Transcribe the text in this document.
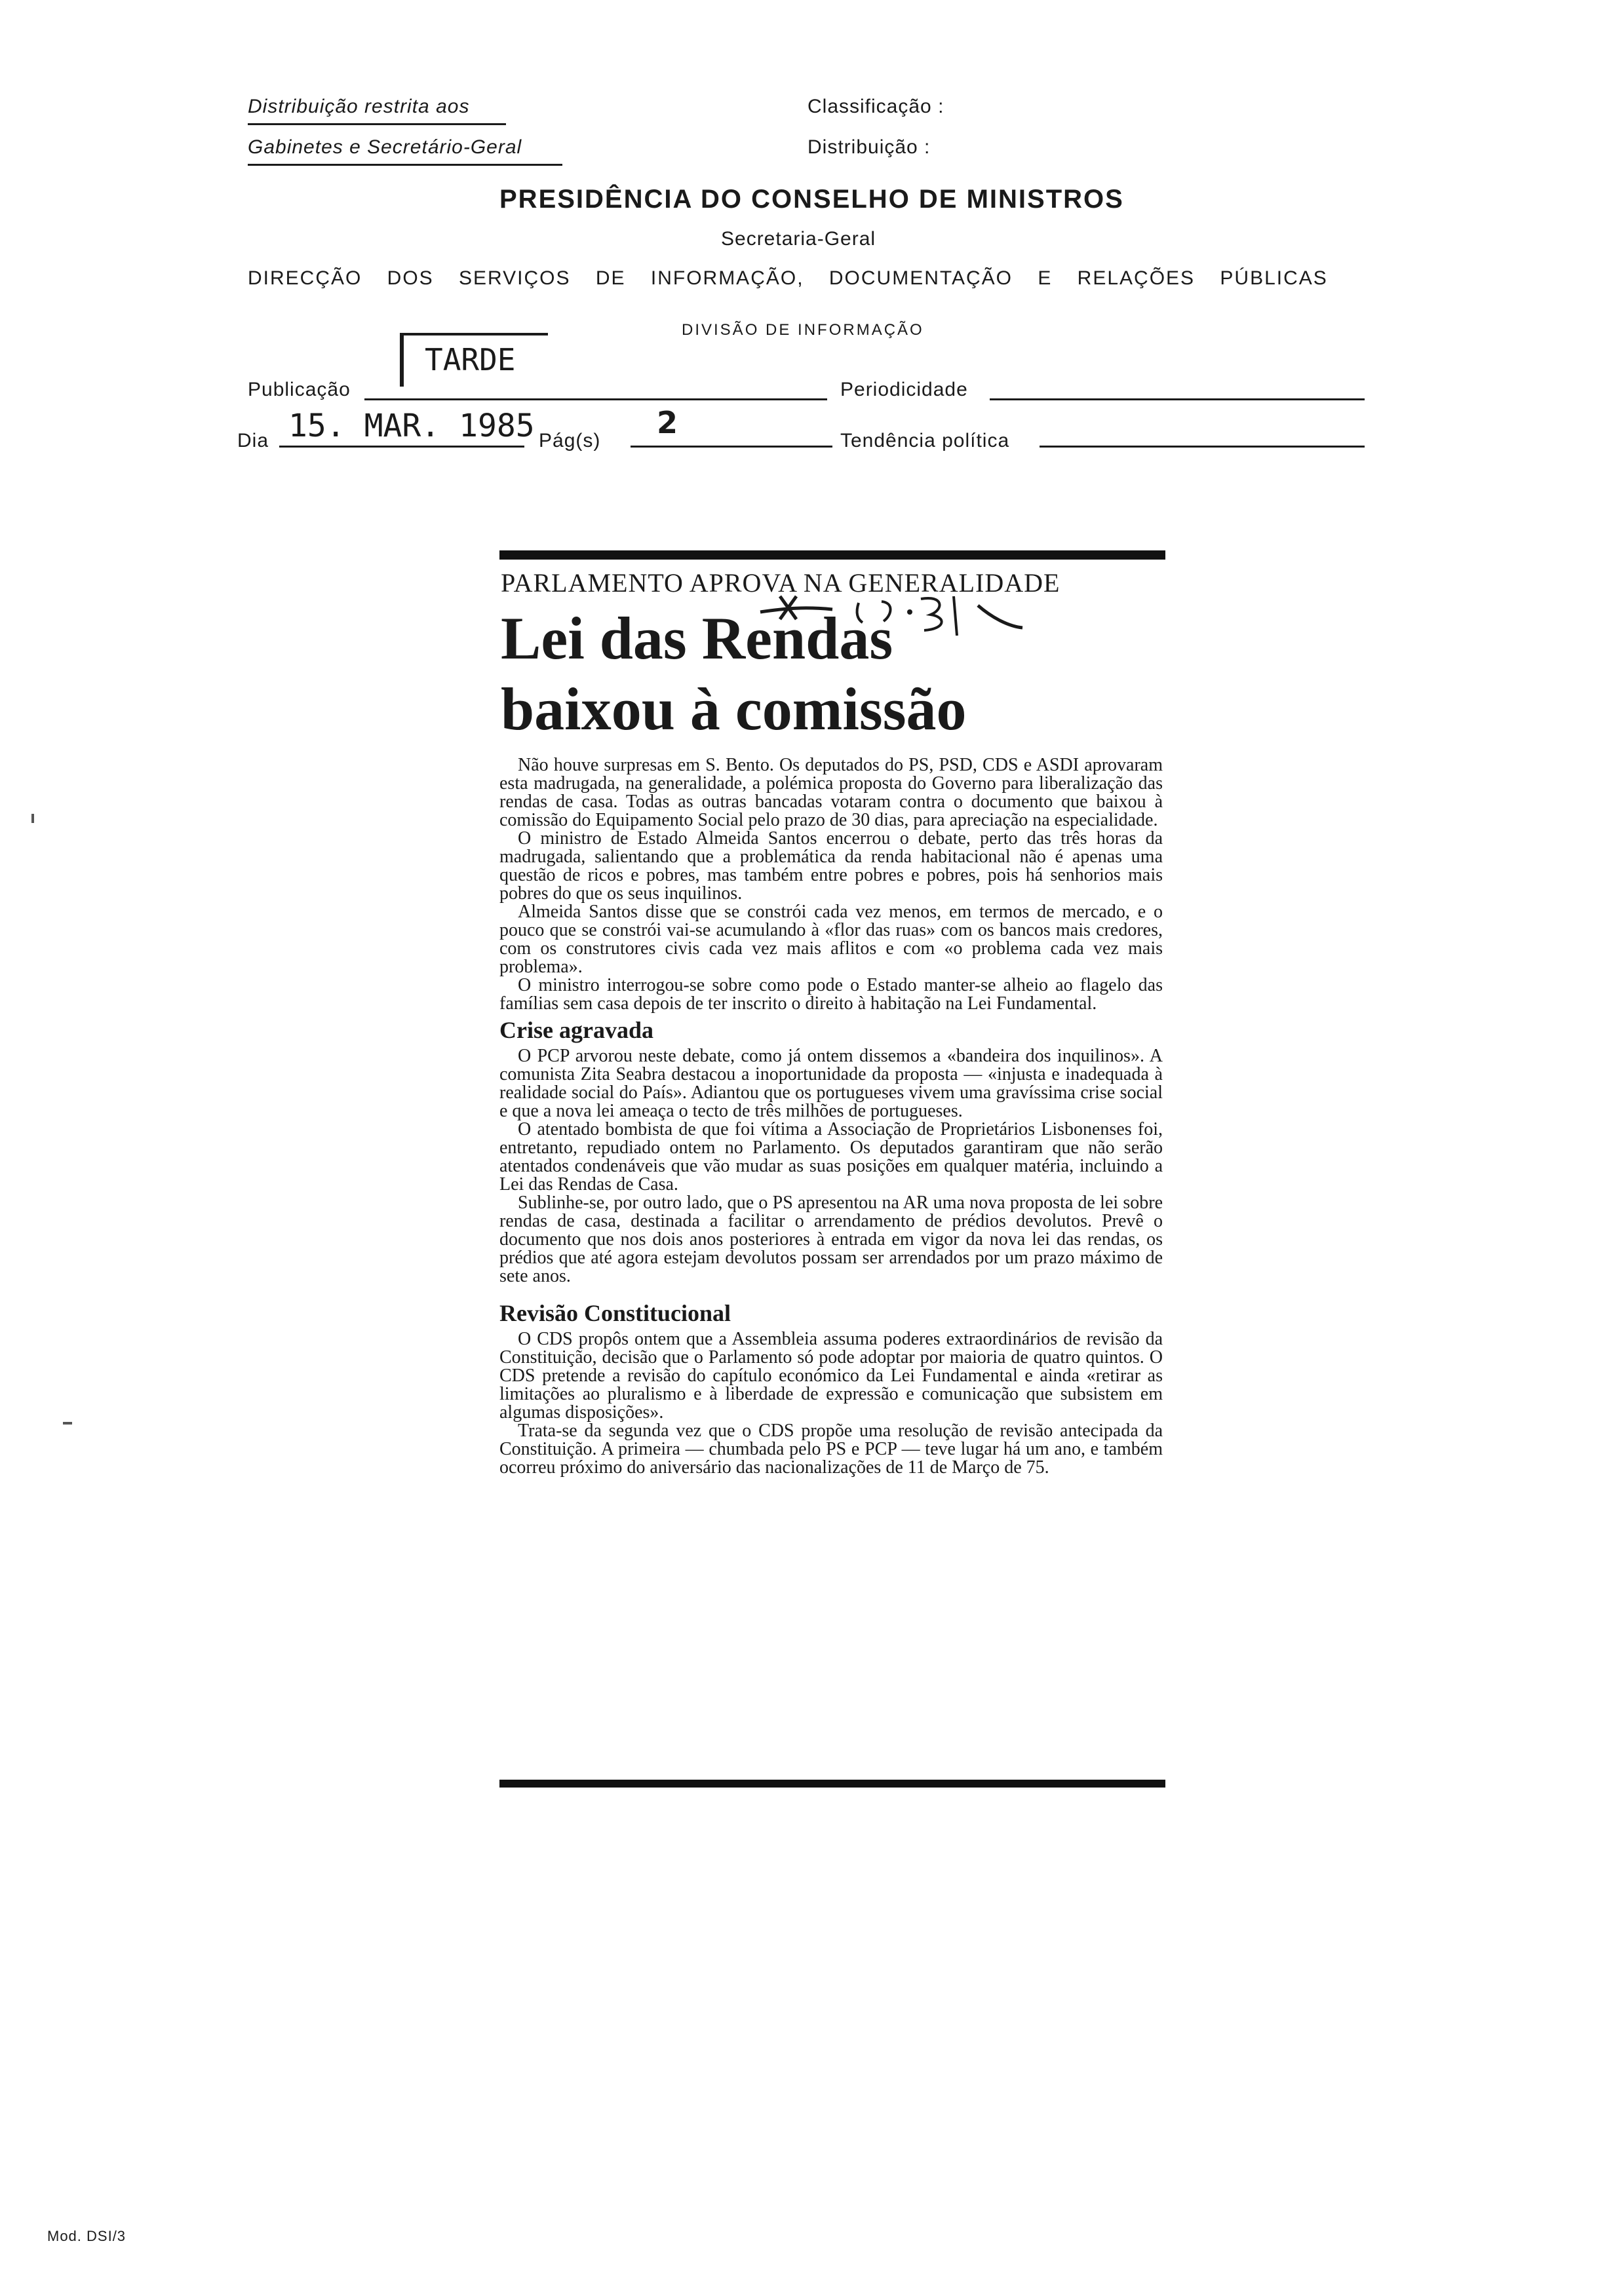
Distribuição restrita aos
Gabinetes e Secretário-Geral
Classificação :
Distribuição :
PRESIDÊNCIA DO CONSELHO DE MINISTROS
Secretaria-Geral
DIRECÇÃO DOS SERVIÇOS DE INFORMAÇÃO, DOCUMENTAÇÃO E RELAÇÕES PÚBLICAS
DIVISÃO DE INFORMAÇÃO
TARDE
Publicação	Periodicidade
Dia 15. MAR. 1985 Pág(s)
2
Tendência política
PARLAMENTO APROVA NA GENERALIDADE
Lei das Rendas
baixou à comissão

Não houve surpresas em S. Bento. Os deputados do PS, PSD, CDS e ASDI aprovaram esta madrugada, na generalidade, a polémica proposta do Governo para liberalização das rendas de casa. Todas as outras bancadas votaram contra o documento que baixou à comissão do Equipamento Social pelo prazo de 30 dias, para apreciação na especialidade.

O ministro de Estado Almeida Santos encerrou o debate, perto das três horas da madrugada, salientando que a problemática da renda habitacional não é apenas uma questão de ricos e pobres, mas também entre pobres e pobres, pois há senhorios mais pobres do que os seus inquilinos.

Almeida Santos disse que se constrói cada vez menos, em termos de mercado, e o pouco que se constrói vai-se acumulando à «flor das ruas» com os bancos mais credores, com os construtores civis cada vez mais aflitos e com «o problema cada vez mais problema».

O ministro interrogou-se sobre como pode o Estado manter-se alheio ao flagelo das famílias sem casa depois de ter inscrito o direito à habitação na Lei Fundamental.

Crise agravada

O PCP arvorou neste debate, como já ontem dissemos a «bandeira dos inquilinos». A comunista Zita Seabra destacou a inoportunidade da proposta — «injusta e inadequada à realidade social do País». Adiantou que os portugueses vivem uma gravíssima crise social e que a nova lei ameaça o tecto de três milhões de portugueses.

O atentado bombista de que foi vítima a Associação de Proprietários Lisbonenses foi, entretanto, repudiado ontem no Parlamento. Os deputados garantiram que não serão atentados condenáveis que vão mudar as suas posições em qualquer matéria, incluindo a Lei das Rendas de Casa.

Sublinhe-se, por outro lado, que o PS apresentou na AR uma nova proposta de lei sobre rendas de casa, destinada a facilitar o arrendamento de prédios devolutos. Prevê o documento que nos dois anos posteriores à entrada em vigor da nova lei das rendas, os prédios que até agora estejam devolutos possam ser arrendados por um prazo máximo de sete anos.

Revisão Constitucional

O CDS propôs ontem que a Assembleia assuma poderes extraordinários de revisão da Constituição, decisão que o Parlamento só pode adoptar por maioria de quatro quintos. O CDS pretende a revisão do capítulo económico da Lei Fundamental e ainda «retirar as limitações ao pluralismo e à liberdade de expressão e comunicação que subsistem em algumas disposições».

Trata-se da segunda vez que o CDS propõe uma resolução de revisão antecipada da Constituição. A primeira — chumbada pelo PS e PCP — teve lugar há um ano, e também ocorreu próximo do aniversário das nacionalizações de 11 de Março de 75.

Mod. DSI/3
